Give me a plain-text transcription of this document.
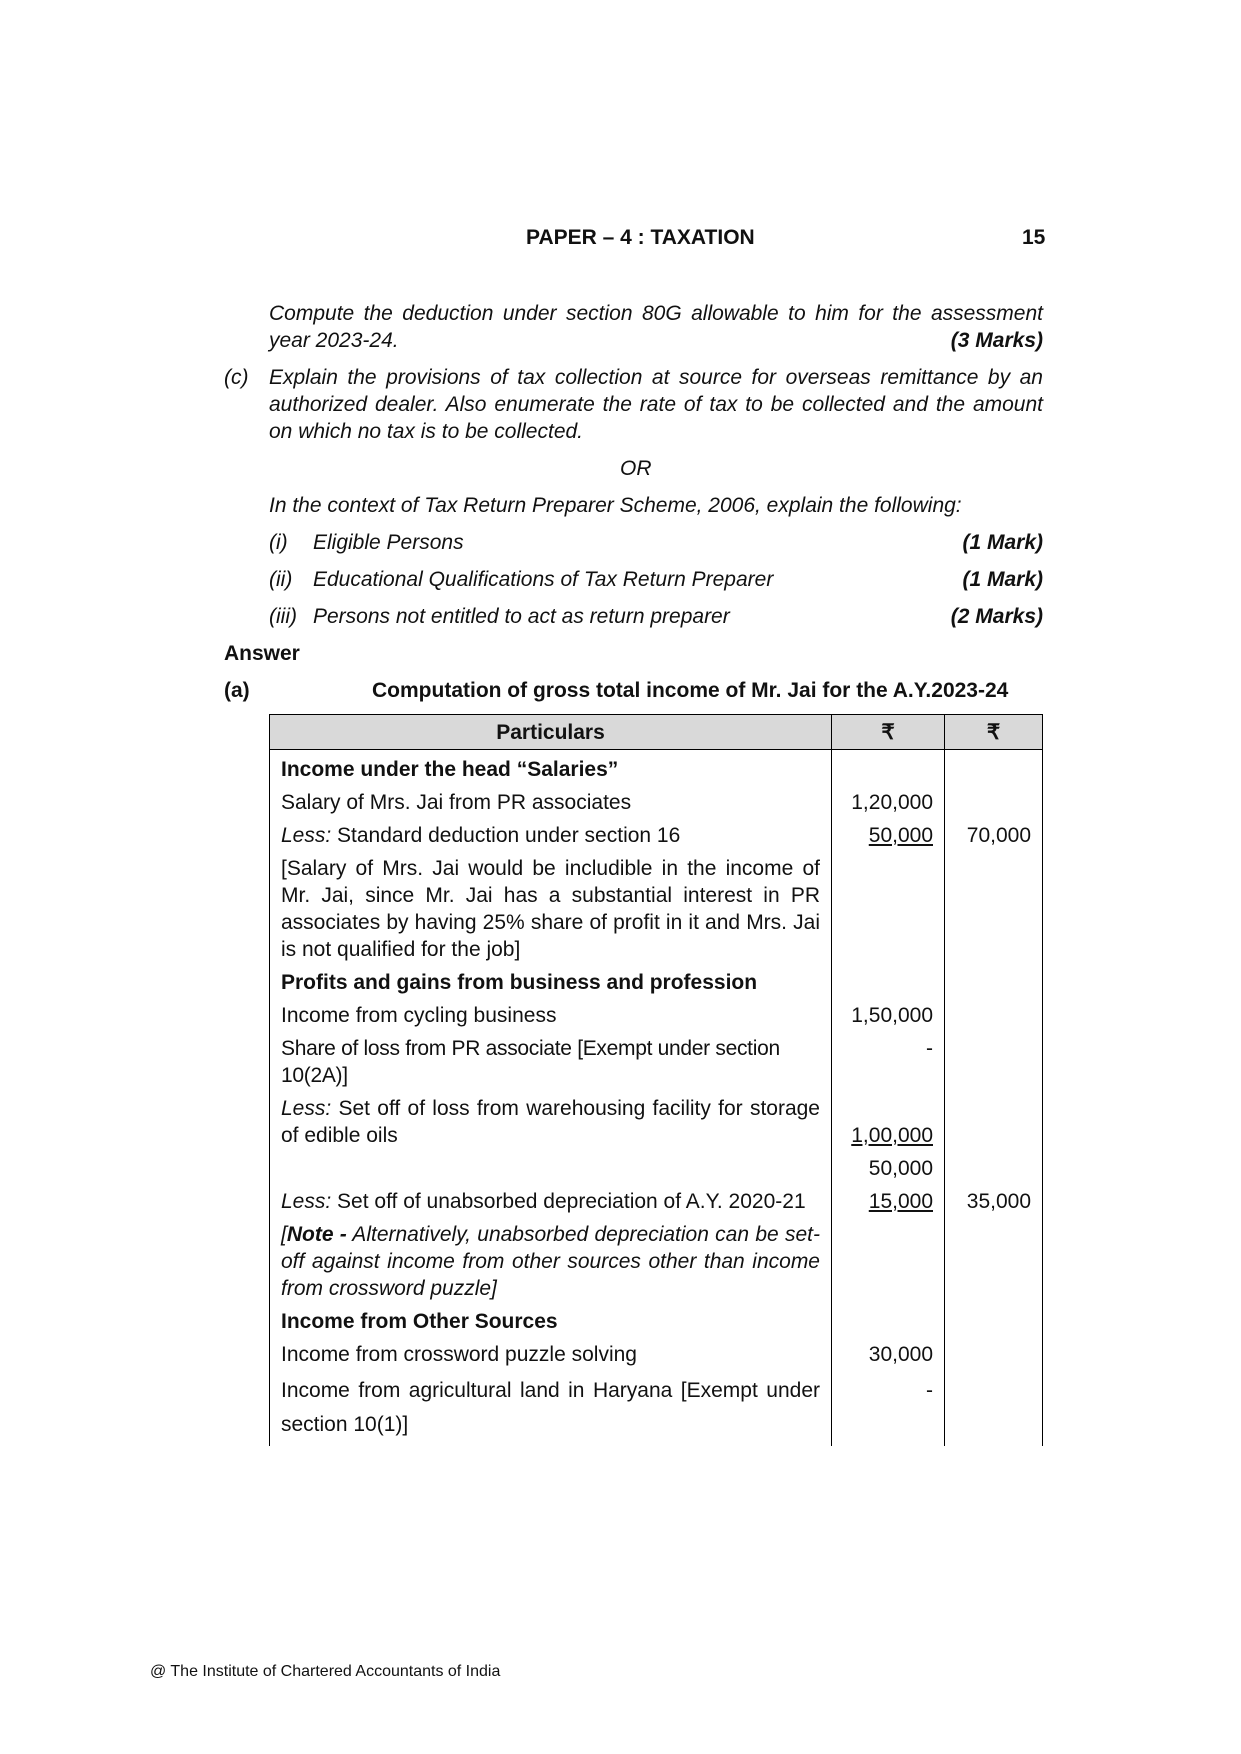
PAPER – 4 : TAXATION	15
Compute the deduction under section 80G allowable to him for the assessment year 2023-24.	(3 Marks)
(c) Explain the provisions of tax collection at source for overseas remittance by an authorized dealer. Also enumerate the rate of tax to be collected and the amount on which no tax is to be collected.
OR
In the context of Tax Return Preparer Scheme, 2006, explain the following:
(i) Eligible Persons	(1 Mark)
(ii) Educational Qualifications of Tax Return Preparer	(1 Mark)
(iii) Persons not entitled to act as return preparer	(2 Marks)
Answer
(a)	Computation of gross total income of Mr. Jai for the A.Y.2023-24
Particulars	₹	₹
Income under the head “Salaries”		
Salary of Mrs. Jai from PR associates	1,20,000	
Less: Standard deduction under section 16	50,000	70,000
[Salary of Mrs. Jai would be includible in the income of Mr. Jai, since Mr. Jai has a substantial interest in PR associates by having 25% share of profit in it and Mrs. Jai is not qualified for the job]		
Profits and gains from business and profession		
Income from cycling business	1,50,000	
Share of loss from PR associate [Exempt under section 10(2A)]	-	
Less: Set off of loss from warehousing facility for storage of edible oils	1,00,000	
	50,000	
Less: Set off of unabsorbed depreciation of A.Y. 2020-21	15,000	35,000
[Note - Alternatively, unabsorbed depreciation can be set-off against income from other sources other than income from crossword puzzle]		
Income from Other Sources		
Income from crossword puzzle solving	30,000	
Income from agricultural land in Haryana [Exempt under section 10(1)]	-	
@ The Institute of Chartered Accountants of India
